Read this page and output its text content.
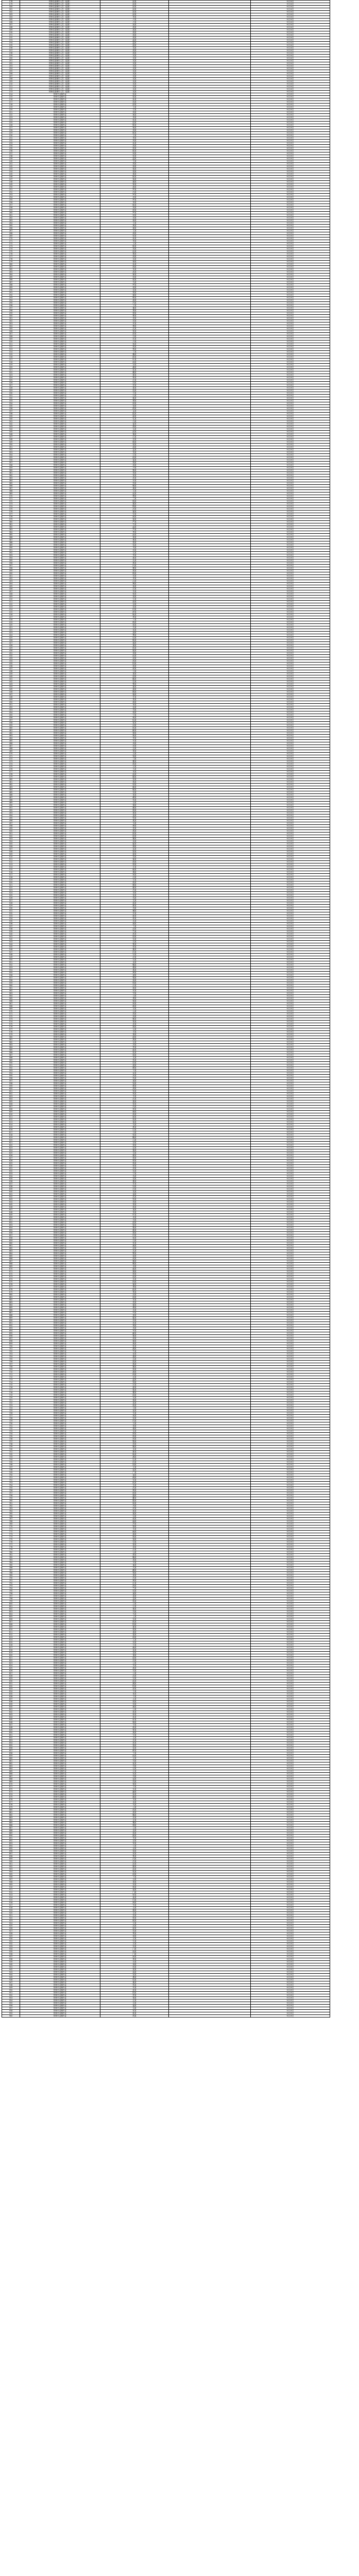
178	特种设备操作人员（起重）	邱某		9月24日
179	特种设备操作人员（起重）	邱某		9月24日
180	特种设备操作人员（起重）	邱某		9月24日
181	特种设备操作人员（起重）	邱某		9月24日
182	特种设备操作人员（起重）	邱某		9月24日
183	特种设备操作人员（起重）	邱某		9月24日
184	特种设备操作人员（起重）	李某		9月24日
185	特种设备操作人员（起重）	卢某		9月24日
186	特种设备操作人员（起重）	卢某		9月24日
187	特种设备操作人员（起重）	周某		9月24日
188	特种设备操作人员（起重）	周某		9月24日
189	特种设备操作人员（起重）	周某		9月24日
190	特种设备操作人员（起重）	周某		9月24日
191	特种设备操作人员（起重）	周某		9月24日
192	特种设备操作人员（起重）	周某		9月24日
193	特种设备操作人员（起重）	温某		9月24日
194	特种设备操作人员（起重）	温某		9月24日
195	特种设备操作人员（起重）	温某		9月24日
196	特种设备操作人员（起重）	吴某		9月24日
197	特种设备操作人员（起重）	周某		9月24日
198	特种设备操作人员（起重）	周某		9月24日
199	特种设备操作人员（起重）	吴某		9月24日
200	特种设备操作人员（起重）	吴某		9月24日
201	特种设备操作人员（起重）	吴某		9月24日
202	特种设备操作人员（起重）	吴某		9月24日
203	特种设备操作人员（起重）	吴某		9月24日
204	特种设备操作人员（起重）	吴某		9月24日
205	特种设备操作人员（起重）	吴某		9月24日
206	特种设备操作人员（起重）	吴某		9月24日
207	特种设备操作人员（起重）	吴某		9月24日
208	特种设备操作人员（起重）	吴某		9月24日
209	特种设备操作人员（起重）	吴某		9月24日
210	特种设备操作人员（起重）	吴某		9月24日
211	特种设备操作人员（起重）	吴某		9月24日
212	特种设备操作人员（起重）	吴某		9月24日
213	特种设备操作人员（起重）	吴某		9月24日
214	特种作业操作证	张某		9月25日
215	特种作业操作证	张某		9月25日
216	特种作业操作证	孙某		9月25日
217	特种作业操作证	范某		9月25日
218	特种作业操作证	彭某		9月25日
219	特种作业操作证	王某		9月25日
220	特种作业操作证	方某		9月25日
221	特种作业操作证	刘某		9月25日
222	特种作业操作证	黄某		9月25日
223	特种作业操作证	李某		9月25日
224	特种作业操作证	张某		9月25日
225	特种作业操作证	赵某		9月25日
226	特种作业操作证	陈某		9月25日
227	特种作业操作证	杨某		9月25日
228	特种作业操作证	刘某		9月25日
229	特种作业操作证	陈某		9月25日
230	特种作业操作证	王某		9月25日
231	特种作业操作证	李某		9月25日
232	特种作业操作证	刘某		9月25日
233	特种作业操作证	孙某		9月25日
234	特种作业操作证	周某		9月25日
235	特种作业操作证	郭某		9月25日
236	特种作业操作证	陈某		9月25日
237	特种作业操作证	何某		9月25日
238	特种作业操作证	张某		9月25日
239	特种作业操作证	温某		9月25日
240	特种作业操作证	王某		9月25日
241	特种作业操作证	刘某		9月25日
242	特种作业操作证	徐某		9月25日
243	特种作业操作证	杨某		9月25日
244	特种作业操作证	梁某		9月25日
245	特种作业操作证	黄某		9月25日
246	特种作业操作证	陈某		9月25日
247	特种作业操作证	杨某		9月25日
248	特种作业操作证	谢某		9月25日
249	特种作业操作证	钟某		9月25日
250	特种作业操作证	唐某		9月25日
251	特种作业操作证	罗某		9月25日
252	特种作业操作证	冯某		9月25日
253	特种作业操作证	罗某		9月25日
254	特种作业操作证	邓某		9月25日
255	特种作业操作证	罗某		9月25日
256	特种作业操作证	李某		9月25日
257	特种作业操作证	陈某		9月25日
258	特种作业操作证	刘某		9月25日
259	特种作业操作证	廖某		9月25日
260	特种作业操作证	罗某		9月25日
261	特种作业操作证	何某		9月25日
262	特种作业操作证	邓某		9月25日
263	特种作业操作证	徐某		9月25日
264	特种作业操作证	王某		9月25日
265	特种作业操作证	黄某		9月25日
266	特种作业操作证	谢某		9月25日
267	特种作业操作证	王某		9月25日
268	特种作业操作证	周某		9月25日
269	特种作业操作证	张某		9月25日
270	特种作业操作证	孙某		9月25日
271	特种作业操作证	李某		9月25日
272	特种作业操作证	王某		9月25日
273	特种作业操作证	陈某		9月25日
274	特种作业操作证	刘某		9月25日
275	特种作业操作证	赵某		9月25日
276	特种作业操作证	黄某		9月25日
277	特种作业操作证	周某		9月25日
278	特种作业操作证	吴某		9月25日
279	特种作业操作证	徐某		9月25日
280	特种作业操作证	孙某		9月25日
281	特种作业操作证	胡某		9月25日
282	特种作业操作证	朱某		9月25日
283	特种作业操作证	高某		9月25日
284	特种作业操作证	林某		9月25日
285	特种作业操作证	何某		9月25日
286	特种作业操作证	郭某		9月25日
287	特种作业操作证	马某		9月25日
288	特种作业操作证	罗某		9月25日
289	特种作业操作证	梁某		9月25日
290	特种作业操作证	宋某		9月25日
291	特种作业操作证	郑某		9月25日
292	特种作业操作证	谢某		9月25日
293	特种作业操作证	韩某		9月25日
294	特种作业操作证	唐某		9月25日
295	特种作业操作证	冯某		9月25日
296	特种作业操作证	于某		9月25日
297	特种作业操作证	董某		9月25日
298	特种作业操作证	萧某		9月25日
299	特种作业操作证	程某		9月25日
300	特种作业操作证	曹某		9月25日
301	特种作业操作证	袁某		9月25日
302	特种作业操作证	邓某		9月25日
303	特种作业操作证	许某		9月25日
304	特种作业操作证	傅某		9月25日
305	特种作业操作证	沈某		9月25日
306	特种作业操作证	曾某		9月25日
307	特种作业操作证	彭某		9月25日
308	特种作业操作证	吕某		9月25日
309	特种作业操作证	苏某		9月25日
310	特种作业操作证	卢某		9月25日
311	特种作业操作证	蒋某		9月25日
312	特种作业操作证	蔡某		9月25日
313	特种作业操作证	贾某		9月25日
314	特种作业操作证	丁某		9月25日
315	特种作业操作证	魏某		9月25日
316	特种作业操作证	薛某		9月25日
317	特种作业操作证	叶某		9月25日
318	特种作业操作证	阎某		9月25日
319	特种作业操作证	余某		9月25日
320	特种作业操作证	潘某		9月25日
321	特种作业操作证	杜某		9月25日
322	特种作业操作证	戴某		9月25日
323	特种作业操作证	夏某		9月25日
324	特种作业操作证	钟某		9月25日
325	特种作业操作证	汪某		9月25日
326	特种作业操作证	田某		9月25日
327	特种作业操作证	任某		9月25日
328	特种作业操作证	姜某		9月25日
329	特种作业操作证	范某		9月25日
330	特种作业操作证	方某		9月25日
331	特种作业操作证	石某		9月25日
332	特种作业操作证	姚某		9月25日
333	特种作业操作证	谭某		9月25日
334	特种作业操作证	廖某		9月25日
335	特种作业操作证	邹某		9月25日
336	特种作业操作证	熊某		9月25日
337	特种作业操作证	金某		9月25日
338	特种作业操作证	陆某		9月25日
339	特种作业操作证	郝某		9月25日
340	特种作业操作证	孔某		9月25日
341	特种作业操作证	白某		9月25日
342	特种作业操作证	崔某		9月25日
343	特种作业操作证	康某		9月25日
344	特种作业操作证	毛某		9月25日
345	特种作业操作证	邱某		9月25日
346	特种作业操作证	秦某		9月25日
347	特种作业操作证	江某		9月25日
348	特种作业操作证	史某		9月25日
349	特种作业操作证	顾某		9月25日
350	特种作业操作证	侯某		9月25日
351	特种作业操作证	邵某		9月25日
352	特种作业操作证	孟某		9月25日
353	特种作业操作证	龙某		9月25日
354	特种作业操作证	万某		9月25日
355	特种作业操作证	段某		9月25日
356	特种作业操作证	雷某		9月25日
357	特种作业操作证	钱某		9月25日
358	特种作业操作证	汤某		9月25日
359	特种作业操作证	尹某		9月25日
360	特种作业操作证	黎某		9月25日
361	特种作业操作证	易某		9月25日
362	特种作业操作证	常某		9月25日
363	特种作业操作证	武某		9月25日
364	特种作业操作证	乔某		9月25日
365	特种作业操作证	贺某		9月25日
366	特种作业操作证	赖某		9月25日
367	特种作业操作证	龚某		9月25日
368	特种作业操作证	文某		9月25日
369	特种作业操作证	庞某		9月25日
370	特种作业操作证	樊某		9月25日
371	特种作业操作证	兰某		9月25日
372	特种作业操作证	殷某		9月25日
373	特种作业操作证	施某		9月25日
374	特种作业操作证	陶某		9月25日
375	特种作业操作证	洪某		9月25日
376	特种作业操作证	翟某		9月25日
377	特种作业操作证	安某		9月25日
378	特种作业操作证	颜某		9月25日
379	特种作业操作证	倪某		9月25日
380	特种作业操作证	严某		9月25日
381	特种作业操作证	牛某		9月25日
382	特种作业操作证	温某		9月25日
383	特种作业操作证	芦某		9月25日
384	特种作业操作证	季某		9月25日
385	特种作业操作证	俞某		9月25日
386	特种作业操作证	章某		9月25日
387	特种作业操作证	鲁某		9月25日
388	特种作业操作证	葛某		9月25日
389	特种作业操作证	伍某		9月25日
390	特种作业操作证	韦某		9月25日
391	特种作业操作证	申某		9月25日
392	特种作业操作证	尤某		9月25日
393	特种作业操作证	毕某		9月25日
394	特种作业操作证	聂某		9月25日
395	特种作业操作证	丛某		9月25日
396	特种作业操作证	焦某		9月25日
397	特种作业操作证	向某		9月25日
398	特种作业操作证	柳某		9月25日
399	特种作业操作证	邢某		9月25日
400	特种作业操作证	路某		9月25日
401	特种作业操作证	岳某		9月25日
402	特种作业操作证	齐某		9月25日
403	特种作业操作证	沿某		9月25日
404	特种作业操作证	梅某		9月25日
405	特种作业操作证	莫某		9月25日
406	特种作业操作证	庄某		9月25日
407	特种作业操作证	辛某		9月25日
408	特种作业操作证	管某		9月25日
409	特种作业操作证	祝某		9月25日
410	特种作业操作证	左某		9月25日
411	特种作业操作证	涂某		9月25日
412	特种作业操作证	谷某		9月25日
413	特种作业操作证	祁某		9月25日
414	特种作业操作证	时某		9月25日
415	特种作业操作证	舒某		9月25日
416	特种作业操作证	耿某		9月25日
417	特种作业操作证	牟某		9月25日
418	特种作业操作证	卜某		9月25日
419	特种作业操作证	路某		9月25日
420	特种作业操作证	詹某		9月25日
421	特种作业操作证	关某		9月25日
422	特种作业操作证	苗某		9月25日
423	特种作业操作证	凌某		9月25日
424	特种作业操作证	费某		9月25日
425	特种作业操作证	纪某		9月25日
426	特种作业操作证	靳某		9月25日
427	特种作业操作证	盛某		9月25日
428	特种作业操作证	童某		9月25日
429	特种作业操作证	欧某		9月25日
430	特种作业操作证	甄某		9月25日
431	特种作业操作证	项某		9月25日
432	特种作业操作证	曲某		9月25日
433	特种作业操作证	成某		9月25日
434	特种作业操作证	游某		9月25日
435	特种作业操作证	阳某		9月25日
436	特种作业操作证	裴某		9月25日
437	特种作业操作证	席某		9月25日
438	特种作业操作证	卫某		9月25日
439	特种作业操作证	查某		9月25日
440	特种作业操作证	屈某		9月25日
441	特种作业操作证	鲍某		9月25日
442	特种作业操作证	位某		9月25日
443	特种作业操作证	覃某		9月25日
444	特种作业操作证	霍某		9月25日
445	特种作业操作证	翁某		9月25日
446	特种作业操作证	隋某		9月25日
447	特种作业操作证	植某		9月25日
448	特种作业操作证	甘某		9月25日
449	特种作业操作证	景某		9月25日
450	特种作业操作证	薄某		9月25日
451	特种作业操作证	单某		9月25日
452	特种作业操作证	包某		9月25日
453	特种作业操作证	司某		9月25日
454	特种作业操作证	柏某		9月25日
455	特种作业操作证	宁某		9月25日
456	特种作业操作证	柯某		9月25日
457	特种作业操作证	阮某		9月25日
458	特种作业操作证	桂某		9月25日
459	特种作业操作证	闵某		9月25日
460	特种作业操作证	欧某		9月25日
461	特种作业操作证	解某		9月25日
462	特种作业操作证	强某		9月25日
463	特种作业操作证	柴某		9月25日
464	特种作业操作证	华某		9月25日
465	特种作业操作证	车某		9月25日
466	特种作业操作证	冉某		9月25日
467	特种作业操作证	房某		9月25日
468	特种作业操作证	边某		9月25日
469	特种作业操作证	辜某		9月25日
470	特种作业操作证	吉某		9月25日
471	特种作业操作证	饶某		9月25日
472	特种作业操作证	刁某		9月25日
473	特种作业操作证	瞿某		9月25日
474	特种作业操作证	戚某		9月25日
475	特种作业操作证	丘某		9月25日
476	特种作业操作证	古某		9月25日
477	特种作业操作证	米某		9月25日
478	特种作业操作证	池某		9月25日
479	特种作业操作证	滕某		9月25日
480	特种作业操作证	晋某		9月25日
481	特种作业操作证	苑某		9月25日
482	特种作业操作证	邬某		9月25日
483	特种作业操作证	臧某		9月25日
484	特种作业操作证	畅某		9月25日
485	特种作业操作证	宫某		9月25日
486	特种作业操作证	来某		9月25日
487	特种作业操作证	嵺某		9月25日
488	特种作业操作证	苟某		9月25日
489	特种作业操作证	全某		9月25日
490	特种作业操作证	褚某		9月25日
491	特种作业操作证	廉某		9月25日
492	特种作业操作证	简某		9月25日
493	特种作业操作证	娄某		9月25日
494	特种作业操作证	盖某		9月25日
495	特种作业操作证	符某		9月25日
496	特种作业操作证	奚某		9月25日
497	特种作业操作证	木某		9月25日
498	特种作业操作证	穆某		9月25日
499	特种作业操作证	党某		9月25日
500	特种作业操作证	燕某		9月25日
501	特种作业操作证	郎某		9月25日
502	特种作业操作证	邸某		9月25日
503	特种作业操作证	冀某		9月25日
504	特种作业操作证	谈某		9月25日
505	特种作业操作证	姬某		9月25日
506	特种作业操作证	屠某		9月25日
507	特种作业操作证	连某		9月25日
508	特种作业操作证	郜某		9月25日
509	特种作业操作证	晏某		9月25日
510	特种作业操作证	栾某		9月25日
511	特种作业操作证	郁某		9月25日
512	特种作业操作证	商某		9月25日
513	特种作业操作证	蒙某		9月25日
514	特种作业操作证	计某		9月25日
515	特种作业操作证	喻某		9月25日
516	特种作业操作证	揭某		9月25日
517	特种作业操作证	窦某		9月25日
518	特种作业操作证	迟某		9月25日
519	特种作业操作证	宇某		9月25日
520	特种作业操作证	敖某		9月25日
521	特种作业操作证	糜某		9月25日
522	特种作业操作证	鄢某		9月25日
523	特种作业操作证	冷某		9月25日
524	特种作业操作证	卓某		9月25日
525	特种作业操作证	花某		9月25日
526	特种作业操作证	仇某		9月25日
527	特种作业操作证	艾某		9月25日
528	特种作业操作证	蓝某		9月25日
529	特种作业操作证	都某		9月25日
530	特种作业操作证	巩某		9月25日
531	特种作业操作证	稽某		9月25日
532	特种作业操作证	井某		9月25日
533	特种作业操作证	练某		9月25日
534	特种作业操作证	仲某		9月25日
535	特种作业操作证	乐某		9月25日
536	特种作业操作证	虞某		9月25日
537	特种作业操作证	卞某		9月25日
538	特种作业操作证	封某		9月25日
539	特种作业操作证	竺某		9月25日
540	特种作业操作证	冼某		9月25日
541	特种作业操作证	原某		9月25日
542	特种作业操作证	官某		9月25日
543	特种作业操作证	衣某		9月25日
544	特种作业操作证	楚某		9月25日
545	特种作业操作证	佟某		9月25日
546	特种作业操作证	栗某		9月25日
547	特种作业操作证	匡某		9月25日
548	特种作业操作证	宗某		9月25日
549	特种作业操作证	应某		9月25日
550	特种作业操作证	台某		9月25日
551	特种作业操作证	巫某		9月25日
552	特种作业操作证	鞠某		9月25日
553	特种作业操作证	僧某		9月25日
554	特种作业操作证	桑某		9月25日
555	特种作业操作证	荆某		9月25日
556	特种作业操作证	谌某		9月25日
557	特种作业操作证	银某		9月25日
558	特种作业操作证	扬某		9月25日
559	特种作业操作证	明某		9月25日
560	特种作业操作证	沙某		9月25日
561	特种作业操作证	薄某		9月25日
562	特种作业操作证	伏某		9月25日
563	特种作业操作证	岑某		9月25日
564	特种作业操作证	习某		9月25日
565	特种作业操作证	胥某		9月25日
566	特种作业操作证	保某		9月25日
567	特种作业操作证	和某		9月25日
568	特种作业操作证	蔺某		9月25日
569	特种作业操作证	水某		9月25日
570	特种作业操作证	云某		9月25日
571	特种作业操作证	昌某		9月25日
572	特种作业操作证	凤某		9月25日
573	特种作业操作证	酆某		9月25日
574	特种作业操作证	常某		9月25日
575	特种作业操作证	皮某		9月25日
576	特种作业操作证	康某		9月25日
577	特种作业操作证	元某		9月25日
578	特种作业操作证	平某		9月25日
579	特种作业操作证	萧某		9月25日
580	特种作业操作证	湛某		9月25日
581	特种作业操作证	禹某		9月25日
582	特种作业操作证	无某		9月25日
583	特种作业操作证	贝某		9月25日
584	特种作业操作证	茅某		9月25日
585	特种作业操作证	麻某		9月25日
586	特种作业操作证	危某		9月25日
587	特种作业操作证	骆某		9月25日
588	特种作业操作证	支某		9月25日
589	特种作业操作证	咎某		9月25日
590	特种作业操作证	经某		9月25日
591	特种作业操作证	裘某		9月25日
592	特种作业操作证	缪某		9月25日
593	特种作业操作证	干某		9月25日
594	特种作业操作证	宣某		9月25日
595	特种作业操作证	贲某		9月25日
596	特种作业操作证	杭某		9月25日
597	特种作业操作证	诸某		9月25日
598	特种作业操作证	钮某		9月25日
599	特种作业操作证	嵇某		9月25日
600	特种作业操作证	滑某		9月25日
601	特种作业操作证	荣某		9月25日
602	特种作业操作证	荀某		9月25日
603	特种作业操作证	羊某		9月25日
604	特种作业操作证	於某		9月25日
605	特种作业操作证	惠某		9月25日
606	特种作业操作证	家某		9月25日
607	特种作业操作证	芮某		9月25日
608	特种作业操作证	羿某		9月25日
609	特种作业操作证	储某		9月25日
610	特种作业操作证	汲某		9月25日
611	特种作业操作证	邴某		9月25日
612	特种作业操作证	松某		9月25日
613	特种作业操作证	富某		9月25日
614	特种作业操作证	乌某		9月25日
615	特种作业操作证	焦某		9月25日
616	特种作业操作证	巴某		9月25日
617	特种作业操作证	弓某		9月25日
618	特种作业操作证	牧某		9月25日
619	特种作业操作证	隗某		9月25日
620	特种作业操作证	山某		9月25日
621	特种作业操作证	谷某		9月25日
622	特种作业操作证	侯某		9月25日
623	特种作业操作证	宓某		9月25日
624	特种作业操作证	蓬某		9月25日
625	特种作业操作证	全某		9月25日
626	特种作业操作证	郗某		9月25日
627	特种作业操作证	班某		9月25日
628	特种作业操作证	仰某		9月25日
629	特种作业操作证	秋某		9月25日
630	特种作业操作证	仲某		9月25日
631	特种作业操作证	伊某		9月25日
632	特种作业操作证	宫某		9月25日
633	特种作业操作证	宁某		9月25日
634	特种作业操作证	仇某		9月25日
635	特种作业操作证	栾某		9月25日
636	特种作业操作证	暴某		9月25日
637	特种作业操作证	甘某		9月25日
638	特种作业操作证	钭某		9月25日
639	特种作业操作证	厉某		9月25日
640	特种作业操作证	戎某		9月25日
641	特种作业操作证	祖某		9月25日
642	特种作业操作证	武某		9月25日
643	特种作业操作证	符某		9月25日
644	特种作业操作证	刘某		9月25日
645	特种作业操作证	景某		9月25日
646	特种作业操作证	詹某		9月25日
647	特种作业操作证	束某		9月25日
648	特种作业操作证	龙某		9月25日
649	特种作业操作证	叶某		9月25日
650	特种作业操作证	幸某		9月25日
651	特种作业操作证	司某		9月25日
652	特种作业操作证	韶某		9月25日
653	特种作业操作证	郜某		9月25日
654	特种作业操作证	黎某		9月25日
655	特种作业操作证	蓟某		9月25日
656	特种作业操作证	薄某		9月25日
657	特种作业操作证	印某		9月25日
658	特种作业操作证	宿某		9月25日
659	特种作业操作证	白某		9月25日
660	特种作业操作证	怀某		9月25日
661	特种作业操作证	蒲某		9月25日
662	特种作业操作证	邰某		9月25日
663	特种作业操作证	从某		9月25日
664	特种作业操作证	鄂某		9月25日
665	特种作业操作证	索某		9月25日
666	特种作业操作证	咸某		9月25日
667	特种作业操作证	籍某		9月25日
668	特种作业操作证	赖某		9月25日
669	特种作业操作证	卓某		9月25日
670	特种作业操作证	蔺某		9月25日
671	特种作业操作证	屠某		9月25日
672	特种作业操作证	蒙某		9月25日
673	特种作业操作证	池某		9月25日
674	特种作业操作证	乔某		9月25日
675	特种作业操作证	阴某		9月25日
676	特种作业操作证	郁某		9月25日
677	特种作业操作证	胥某		9月25日
678	特种作业操作证	能某		9月25日
679	特种作业操作证	苍某		9月25日
680	特种作业操作证	双某		9月25日
681	特种作业操作证	闻某		9月25日
682	特种作业操作证	莘某		9月25日
683	特种作业操作证	党某		9月25日
684	特种作业操作证	翟某		9月25日
685	特种作业操作证	谭某		9月25日
686	特种作业操作证	贡某		9月25日
687	特种作业操作证	劳某		9月25日
688	特种作业操作证	逄某		9月25日
689	特种作业操作证	姬某		9月25日
690	特种作业操作证	申某		9月25日
691	特种作业操作证	扶某		9月25日
692	特种作业操作证	堵某		9月25日
693	特种作业操作证	冉某		9月25日
694	特种作业操作证	宰某		9月25日
695	特种作业操作证	郦某		9月25日
696	特种作业操作证	雍某		9月25日
697	特种作业操作证	却某		9月25日
698	特种作业操作证	璩某		9月25日
699	特种作业操作证	桑某		9月25日
700	特种作业操作证	桂某		9月25日
701	特种作业操作证	濮某		9月25日
702	特种作业操作证	牛某		9月25日
703	特种作业操作证	寿某		9月25日
704	特种作业操作证	通某		9月25日
705	特种作业操作证	边某		9月25日
706	特种作业操作证	扈某		9月25日
707	特种作业操作证	燕某		9月25日
708	特种作业操作证	冀某		9月25日
709	特种作业操作证	郏某		9月25日
710	特种作业操作证	浦某		9月25日
711	特种作业操作证	尚某		9月25日
712	特种作业操作证	农某		9月25日
713	特种作业操作证	温某		9月25日
714	特种作业操作证	别某		9月25日
715	特种作业操作证	庄某		9月25日
716	特种作业操作证	晏某		9月25日
717	特种作业操作证	柴某		9月25日
718	特种作业操作证	瞿某		9月25日
719	特种作业操作证	阎某		9月25日
720	特种作业操作证	充某		9月25日
721	特种作业操作证	慕某		9月25日
722	特种作业操作证	连某		9月25日
723	特种作业操作证	茹某		9月25日
724	特种作业操作证	习某		9月25日
725	特种作业操作证	宦某		9月25日
726	特种作业操作证	艾某		9月25日
727	特种作业操作证	鱼某		9月25日
728	特种作业操作证	容某		9月25日
729	特种作业操作证	向某		9月25日
730	特种作业操作证	古某		9月25日
731	特种作业操作证	易某		9月25日
732	特种作业操作证	慎某		9月25日
733	特种作业操作证	戈某		9月25日
734	特种作业操作证	廖某		9月25日
735	特种作业操作证	庾某		9月25日
736	特种作业操作证	终某		9月25日
737	特种作业操作证	暨某		9月25日
738	特种作业操作证	居某		9月25日
739	特种作业操作证	衡某		9月25日
740	特种作业操作证	步某		9月25日
741	特种作业操作证	都某		9月25日
742	特种作业操作证	耿某		9月25日
743	特种作业操作证	满某		9月25日
744	特种作业操作证	弘某		9月25日
745	特种作业操作证	匡某		9月25日
746	特种作业操作证	国某		9月25日
747	特种作业操作证	文某		9月25日
748	特种作业操作证	寇某		9月25日
749	特种作业操作证	广某		9月25日
750	特种作业操作证	禄某		9月25日
751	特种作业操作证	阙某		9月25日
752	特种作业操作证	东某		9月25日
753	特种作业操作证	欧某		9月25日
754	特种作业操作证	殳某		9月25日
755	特种作业操作证	沃某		9月25日
756	特种作业操作证	利某		9月25日
757	特种作业操作证	蔚某		9月25日
758	特种作业操作证	越某		9月25日
759	特种作业操作证	夔某		9月25日
760	特种作业操作证	隆某		9月25日
761	特种作业操作证	师某		9月25日
762	特种作业操作证	巩某		9月25日
763	特种作业操作证	厍某		9月25日
764	特种作业操作证	聂某		9月25日
765	特种作业操作证	晁某		9月25日
766	特种作业操作证	勾某		9月25日
767	特种作业操作证	敖某		9月25日
768	特种作业操作证	融某		9月25日
769	特种作业操作证	冷某		9月25日
770	特种作业操作证	訾某		9月25日
771	特种作业操作证	辛某		9月25日
772	特种作业操作证	阚某		9月25日
773	特种作业操作证	那某		9月25日
774	特种作业操作证	简某		9月25日
775	特种作业操作证	饶某		9月25日
776	特种作业操作证	空某		9月25日
777	特种作业操作证	曾某		9月25日
778	特种作业操作证	毋某		9月25日
779	特种作业操作证	沙某		9月25日
780	特种作业操作证	乜某		9月25日
781	特种作业操作证	养某		9月25日
782	特种作业操作证	鞠某		9月25日
783	特种作业操作证	须某		9月25日
784	特种作业操作证	丰某		9月25日
785	特种作业操作证	巢某		9月25日
786	特种作业操作证	关某		9月25日
787	特种作业操作证	蒯某		9月25日
788	特种作业操作证	相某		9月25日
789	特种作业操作证	查某		9月25日
790	特种作业操作证	后某		9月25日
791	特种作业操作证	荆某		9月25日
792	特种作业操作证	红某		9月25日
793	特种作业操作证	游某		9月25日
794	特种作业操作证	竺某		9月25日
795	特种作业操作证	权某		9月25日
796	特种作业操作证	逯某		9月25日
797	特种作业操作证	盖某		9月25日
798	特种作业操作证	益某		9月25日
799	特种作业操作证	桓某		9月25日
800	特种作业操作证	公某		9月25日
801	特种作业操作证	万某		9月25日
802	特种作业操作证	俟某		9月25日
803	特种作业操作证	司某		9月25日
804	特种作业操作证	马某		9月25日
805	特种作业操作证	上某		9月25日
806	特种作业操作证	官某		9月25日
807	特种作业操作证	欧某		9月25日
808	特种作业操作证	阳某		9月25日
809	特种作业操作证	夏某		9月25日
810	特种作业操作证	侯某		9月25日
811	特种作业操作证	诸某		9月25日
812	特种作业操作证	葛某		9月25日
813	特种作业操作证	闻某		9月25日
814	特种作业操作证	人某		9月25日
815	特种作业操作证	东某		9月25日
816	特种作业操作证	方某		9月25日
817	特种作业操作证	赫某		9月25日
818	特种作业操作证	连某		9月25日
819	特种作业操作证	皇某		9月25日
820	特种作业操作证	甫某		9月25日
821	特种作业操作证	尉某		9月25日
822	特种作业操作证	迟某		9月25日
823	特种作业操作证	公某		9月25日
824	特种作业操作证	羊某		9月25日
825	特种作业操作证	澹某		9月25日
826	特种作业操作证	台某		9月25日
827	特种作业操作证	公某		9月25日
828	特种作业操作证	冶某		9月25日
829	特种作业操作证	宗某		9月25日
830	特种作业操作证	政某		9月25日
831	特种作业操作证	濮某		9月25日
832	特种作业操作证	阳某		9月25日
833	特种作业操作证	淳某		9月25日
834	特种作业操作证	于某		9月25日
835	特种作业操作证	单某		9月25日
836	特种作业操作证	于某		9月25日
837	特种作业操作证	太某		9月25日
838	特种作业操作证	叔某		9月25日
839	特种作业操作证	申某		9月25日
840	特种作业操作证	屠某		9月25日
841	特种作业操作证	公某		9月25日
842	特种作业操作证	孙某		9月25日
843	特种作业操作证	仲某		9月25日
844	特种作业操作证	孙某		9月25日
845	特种作业操作证	轩某		9月25日
846	特种作业操作证	辕某		9月25日
847	特种作业操作证	令某		9月25日
848	特种作业操作证	狐某		9月25日
849	特种作业操作证	钟某		9月25日
850	特种作业操作证	离某		9月25日
851	特种作业操作证	宇某		9月25日
852	特种作业操作证	文某		9月25日
853	特种作业操作证	长某		9月25日
854	特种作业操作证	孙某		9月25日
855	特种作业操作证	慕某		9月25日
856	特种作业操作证	容某		9月25日
857	特种作业操作证	鲜某		9月25日
858	特种作业操作证	于某		9月25日
859	特种作业操作证	闾某		9月25日
860	特种作业操作证	丘某		9月25日
861	特种作业操作证	司某		9月25日
862	特种作业操作证	徒某		9月25日
863	特种作业操作证	司某		9月25日
864	特种作业操作证	空某		9月25日
865	特种作业操作证	亓某		9月25日
866	特种作业操作证	官某		9月25日
867	特种作业操作证	司某		9月25日
868	特种作业操作证	寇某		9月25日
869	特种作业操作证	仉某		9月25日
870	特种作业操作证	督某		9月25日
871	特种作业操作证	子某		9月25日
872	特种作业操作证	车某		9月25日
873	特种作业操作证	颛某		9月25日
874	特种作业操作证	孙某		9月25日
875	特种作业操作证	端某		9月25日
876	特种作业操作证	木某		9月25日
877	特种作业操作证	巫某		9月25日
878	特种作业操作证	马某		9月25日
879	特种作业操作证	公某		9月25日
880	特种作业操作证	西某		9月25日
881	特种作业操作证	漆某		9月25日
882	特种作业操作证	雕某		9月25日
883	特种作业操作证	乐某		9月25日
884	特种作业操作证	正某		9月25日
885	特种作业操作证	壤某		9月25日
886	特种作业操作证	驷某		9月25日
887	特种作业操作证	公某		9月25日
888	特种作业操作证	良某		9月25日
889	特种作业操作证	拓某		9月25日
890	特种作业操作证	跋某		9月25日
891	特种作业操作证	夹某		9月25日
892	特种作业操作证	谷某		9月25日
893	特种作业操作证	宰某		9月25日
894	特种作业操作证	父某		9月25日
895	特种作业操作证	谷某		9月25日
896	特种作业操作证	梁某		9月25日
897	特种作业操作证	晋某		9月25日
898	特种作业操作证	楚某		9月25日
899	特种作业操作证	闫某		9月25日
900	特种作业操作证	法某		9月25日
901	特种作业操作证	汝某		9月25日
902	特种作业操作证	鄢某		9月25日
903	特种作业操作证	涂某		9月25日
904	特种作业操作证	钦某		9月25日
905	特种作业操作证	段某		9月25日
906	特种作业操作证	干某		9月25日
907	特种作业操作证	百某		9月25日
908	特种作业操作证	里某		9月25日
909	特种作业操作证	东某		9月25日
910	特种作业操作证	郭某		9月25日
911	特种作业操作证	南某		9月25日
912	特种作业操作证	门某		9月25日
913	特种作业操作证	呼某		9月25日
914	特种作业操作证	延某		9月25日
915	特种作业操作证	归某		9月25日
916	特种作业操作证	海某		9月25日
917	特种作业操作证	羊某		9月25日
918	特种作业操作证	舌某		9月25日
919	特种作业操作证	微某		9月25日
920	特种作业操作证	生某		9月25日
921	特种作业操作证	岳某		9月25日
922	特种作业操作证	帅某		9月25日
923	特种作业操作证	缑某		9月25日
924	特种作业操作证	亢某		9月25日
925	特种作业操作证	况某		9月25日
926	特种作业操作证	郈某		9月25日
927	特种作业操作证	有某		9月25日
928	特种作业操作证	琴某		9月25日
929	特种作业操作证	梁某		9月25日
930	特种作业操作证	丘某		9月25日
931	特种作业操作证	左某		9月25日
932	特种作业操作证	丘某		9月25日
933	特种作业操作证	东某		9月25日
934	特种作业操作证	门某		9月25日
935	特种作业操作证	西某		9月25日
936	特种作业操作证	门某		9月25日
937	特种作业操作证	商某		9月25日
938	特种作业操作证	牟某		9月25日
939	特种作业操作证	佘某		9月25日
940	特种作业操作证	佴某		9月25日
941	特种作业操作证	伯某		9月25日
942	特种作业操作证	赏某		9月25日
943	特种作业操作证	南某		9月25日
944	特种作业操作证	宫某		9月25日
945	特种作业操作证	墨某		9月25日
946	特种作业操作证	哈某		9月25日
947	特种作业操作证	谯某		9月25日
948	特种作业操作证	笪某		9月25日
949	特种作业操作证	年某		9月25日
950	特种作业操作证	爱某		9月25日
951	特种作业操作证	阳某		9月25日
952	特种作业操作证	佟某		9月25日
953	特种作业操作证	第某		9月25日
954	特种作业操作证	五某		9月25日
955	特种作业操作证	言某		9月25日
956	特种作业操作证	福某		9月25日
957	特种作业操作证	百某		9月25日
958	特种作业操作证	家某		9月25日
959	特种作业操作证	姓某		9月25日
960	特种作业操作证	终某		9月25日
